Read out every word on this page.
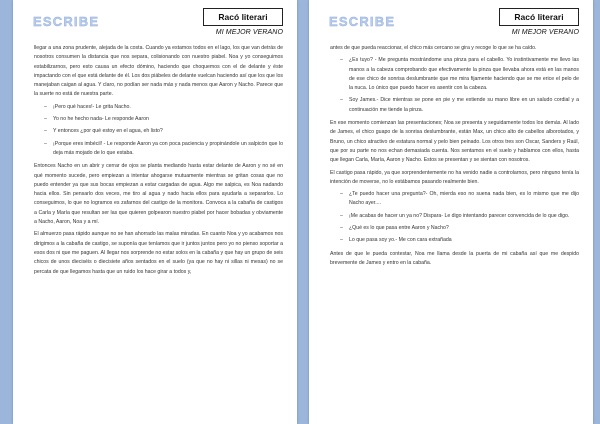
ESCRIBE	Racó literari
MI MEJOR VERANO

llegar a una zona prudente, alejada de la costa. Cuando ya estamos todos en el lago, los que van detrás de nosotros consumen la distancia que nos separa, colisionando con nuestro piabel. Noa y yo conseguimos estabilizarnos, pero esto causa un efecto dómino, haciendo que choquemos con el de delante y éste impactando con el que está delante de él. Los dos piábeles de delante vuelcan haciendo así que los que los manejaban caigan al agua. Y claro, no podían ser nada más y nada menos que Aaron y Nacho. Parece que la suerte no está de nuestra parte.

– ¡Pero qué haces!- Le grita Nacho.
– Yo no he hecho nada- Le responde Aaron
– Y entonces ¿por qué estoy en el agua, eh listo?
– ¡Porque eres imbécil! - Le responde Aaron ya con poca paciencia y propinándole un salpicón que lo deja más mojado de lo que estaba.

Entonces Nacho en un abrir y cerrar de ojos se planta mediando hasta estar delante de Aaron y no sé en qué momento sucede, pero empiezan a intentar ahogarse mutuamente mientras se gritan cosas que no puedo entender ya que sus bocas empiezan a estar cargadas de agua. Algo me salpica, es Noa nadando hacia ellos. Sin pensarlo dos veces, me tiro al agua y nado hacia ellos para ayudarla a separarlos. Lo conseguimos, lo que no logramos es zafarnos del castigo de la monitora. Convoca a la cabaña de castigos a Carla y María que resultan ser las que quieren golpearon nuestro piabel por hacer bobadas y obviamente a Nacho, Aaron, Noa y a mí.

El almuerzo pasa rápido aunque no se han ahorrado las malas miradas. En cuanto Noa y yo acabamos nos dirigimos a la cabaña de castigo, se suponía que teníamos que ir juntos juntos pero yo no pienso soportar a esos dos ni que me paguen. Al llegar nos sorprende no estar solos en la cabaña y que hay un grupo de seis chicos de unos dieciséis o diecisiete años sentados en el suelo (ya que no hay ni sillas ni mesas) no se percata de que llegamos hasta que un ruido los hace girar a todos y,

ESCRIBE	Racó literari
MI MEJOR VERANO

antes de que pueda reaccionar, el chico más cercano se gira y recoge lo que se ha caído.

– ¿Es tuyo? - Me pregunta mostrándome una pinza para el cabello. Yo instintivamente me llevo las manos a la cabeza comprobando que efectivamente la pinza que llevaba ahora está en las manos de ese chico de sonrisa deslumbrante que me mira fijamente haciendo que se me erice el pelo de la nuca. Lo único que puedo hacer es asentir con la cabeza.
– Soy James.- Dice mientras se pone en pie y me extiende su mano libre en un saludo cordial y a continuación me tiende la pinza.

En ese momento comienzan las presentaciones; Noa se presenta y seguidamente todos los demás. Al lado de James, el chico guapo de la sonrisa deslumbrante, están Max, un chico alto de cabellos alborotados, y Bruno, un chico atractivo de estatura normal y pelo bien peinado. Los otros tres son Oscar, Sanders y Raúl, que por su parte no nos echan demasiada cuenta. Nos sentamos en el suelo y hablamos con ellos, hasta que llegan Carla, María, Aaron y Nacho. Estos se presentan y se sientan con nosotros.

El castigo pasa rápido, ya que sorprendentemente no ha venido nadie a controlarnos, pero ninguno tenía la intención de moverse, no lo estábamos pasando realmente bien.

– ¿Te puedo hacer una pregunta?- Oh, mierda eso no suena nada bien, es lo mismo que me dijo Nacho ayer....
– ¡Me acabas de hacer un ya no? Dispara- Le digo intentando parecer convencida de lo que digo.
– ¿Qué es lo que pasa entre Aaron y Nacho?
– Lo que pasa soy yo.- Me con cara extrañada

Antes de que le pueda contestar, Noa me llama desde la puerta de mi cabaña así que me despido brevemente de James y entro en la cabaña.
